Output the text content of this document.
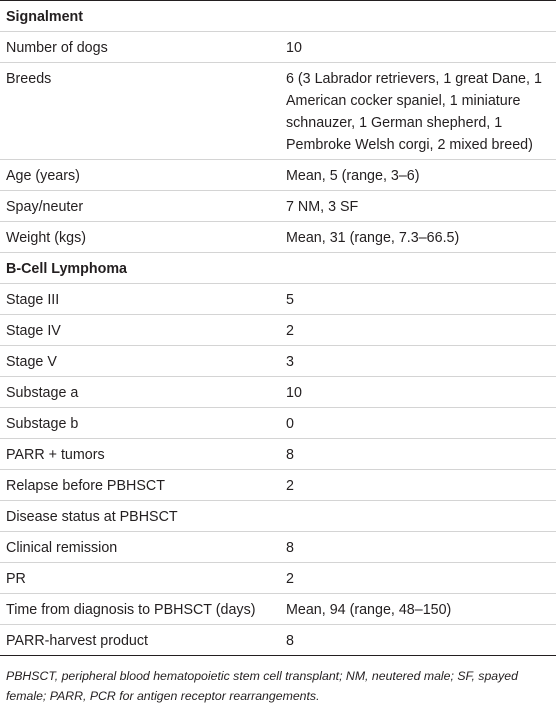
Signalment	
Number of dogs	10
Breeds	6 (3 Labrador retrievers, 1 great Dane, 1 American cocker spaniel, 1 miniature schnauzer, 1 German shepherd, 1 Pembroke Welsh corgi, 2 mixed breed)
Age (years)	Mean, 5 (range, 3–6)
Spay/neuter	7 NM, 3 SF
Weight (kgs)	Mean, 31 (range, 7.3–66.5)
B-Cell Lymphoma	
Stage III	5
Stage IV	2
Stage V	3
Substage a	10
Substage b	0
PARR + tumors	8
Relapse before PBHSCT	2
Disease status at PBHSCT	
Clinical remission	8
PR	2
Time from diagnosis to PBHSCT (days)	Mean, 94 (range, 48–150)
PARR-harvest product	8
PBHSCT, peripheral blood hematopoietic stem cell transplant; NM, neutered male; SF, spayed female; PARR, PCR for antigen receptor rearrangements.
